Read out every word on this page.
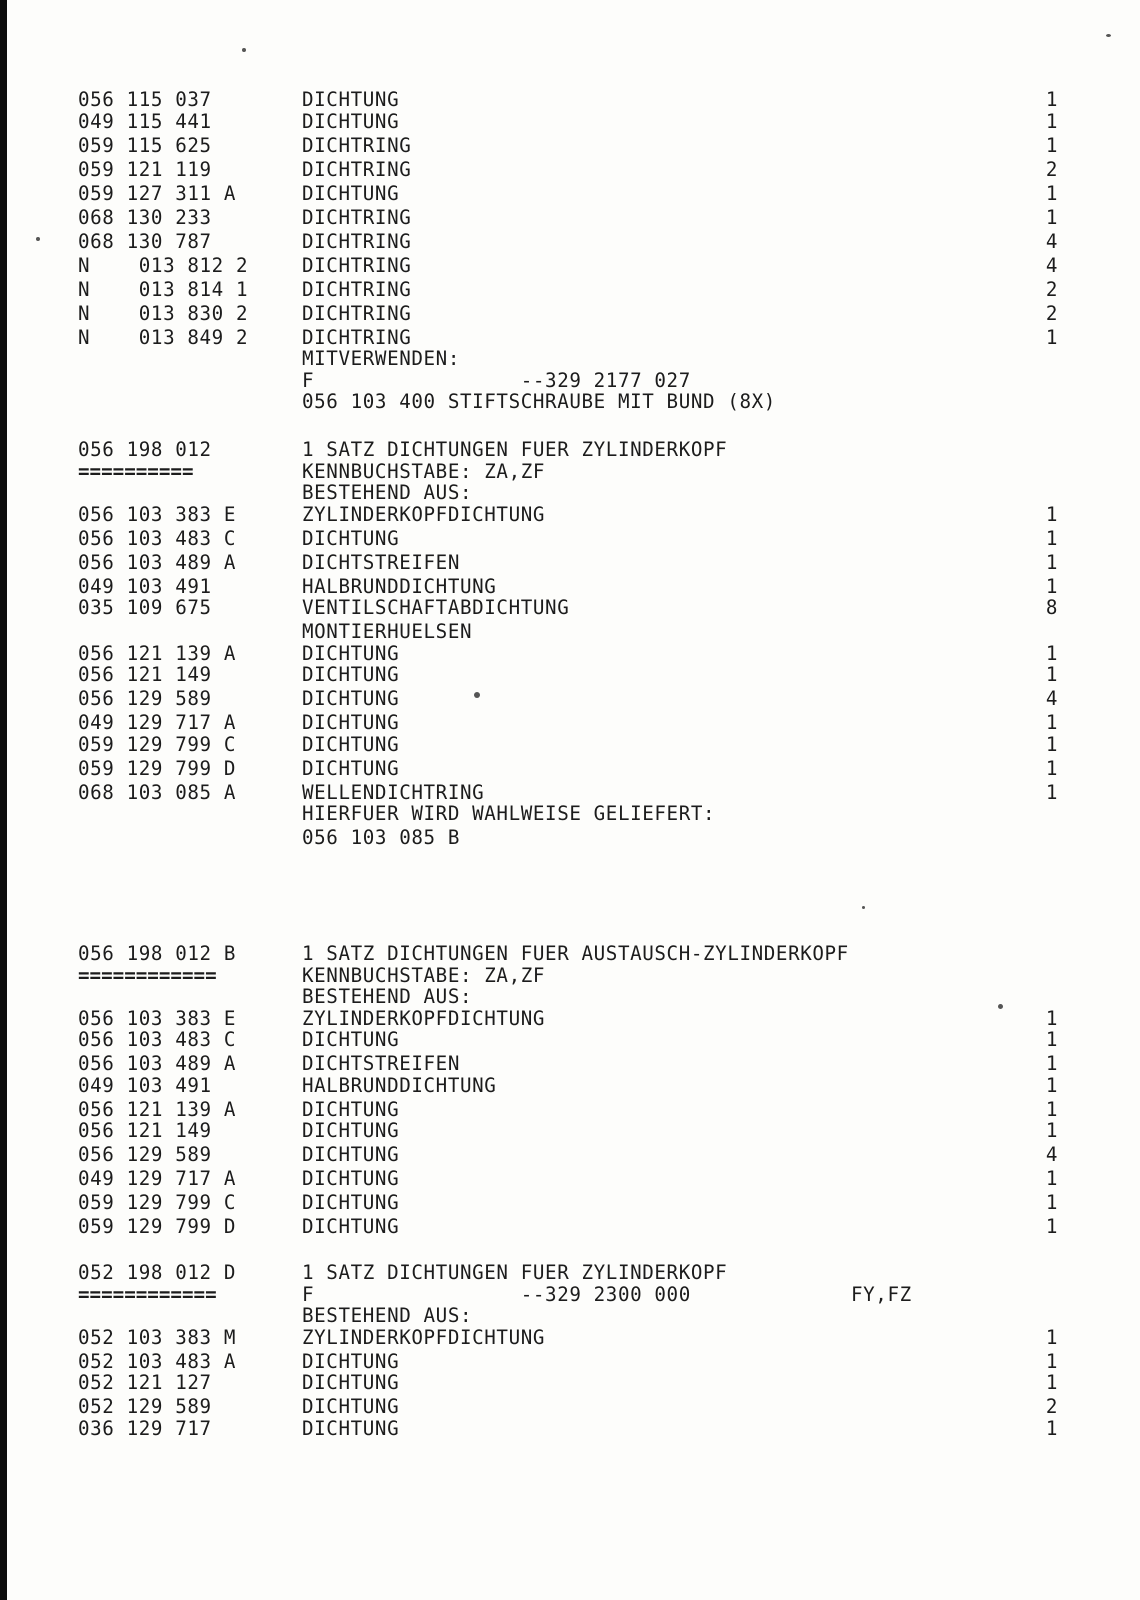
056 115 037	DICHTUNG	1
049 115 441	DICHTUNG	1
059 115 625	DICHTRING	1
059 121 119	DICHTRING	2
059 127 311 A	DICHTUNG	1
068 130 233	DICHTRING	1
068 130 787	DICHTRING	4
N    013 812 2	DICHTRING	4
N    013 814 1	DICHTRING	2
N    013 830 2	DICHTRING	2
N    013 849 2	DICHTRING	1
MITVERWENDEN:
F                 --329 2177 027
056 103 400 STIFTSCHRAUBE MIT BUND (8X)
056 198 012	1 SATZ DICHTUNGEN FUER ZYLINDERKOPF
==========	KENNBUCHSTABE: ZA,ZF
BESTEHEND AUS:
056 103 383 E	ZYLINDERKOPFDICHTUNG	1
056 103 483 C	DICHTUNG	1
056 103 489 A	DICHTSTREIFEN	1
049 103 491	HALBRUNDDICHTUNG	1
035 109 675	VENTILSCHAFTABDICHTUNG	8
MONTIERHUELSEN
056 121 139 A	DICHTUNG	1
056 121 149	DICHTUNG	1
056 129 589	DICHTUNG	4
049 129 717 A	DICHTUNG	1
059 129 799 C	DICHTUNG	1
059 129 799 D	DICHTUNG	1
068 103 085 A	WELLENDICHTRING	1
HIERFUER WIRD WAHLWEISE GELIEFERT:
056 103 085 B
056 198 012 B	1 SATZ DICHTUNGEN FUER AUSTAUSCH-ZYLINDERKOPF
============	KENNBUCHSTABE: ZA,ZF
BESTEHEND AUS:
056 103 383 E	ZYLINDERKOPFDICHTUNG	1
056 103 483 C	DICHTUNG	1
056 103 489 A	DICHTSTREIFEN	1
049 103 491	HALBRUNDDICHTUNG	1
056 121 139 A	DICHTUNG	1
056 121 149	DICHTUNG	1
056 129 589	DICHTUNG	4
049 129 717 A	DICHTUNG	1
059 129 799 C	DICHTUNG	1
059 129 799 D	DICHTUNG	1
052 198 012 D	1 SATZ DICHTUNGEN FUER ZYLINDERKOPF
============	F                 --329 2300 000	FY,FZ
BESTEHEND AUS:
052 103 383 M	ZYLINDERKOPFDICHTUNG	1
052 103 483 A	DICHTUNG	1
052 121 127	DICHTUNG	1
052 129 589	DICHTUNG	2
036 129 717	DICHTUNG	1
